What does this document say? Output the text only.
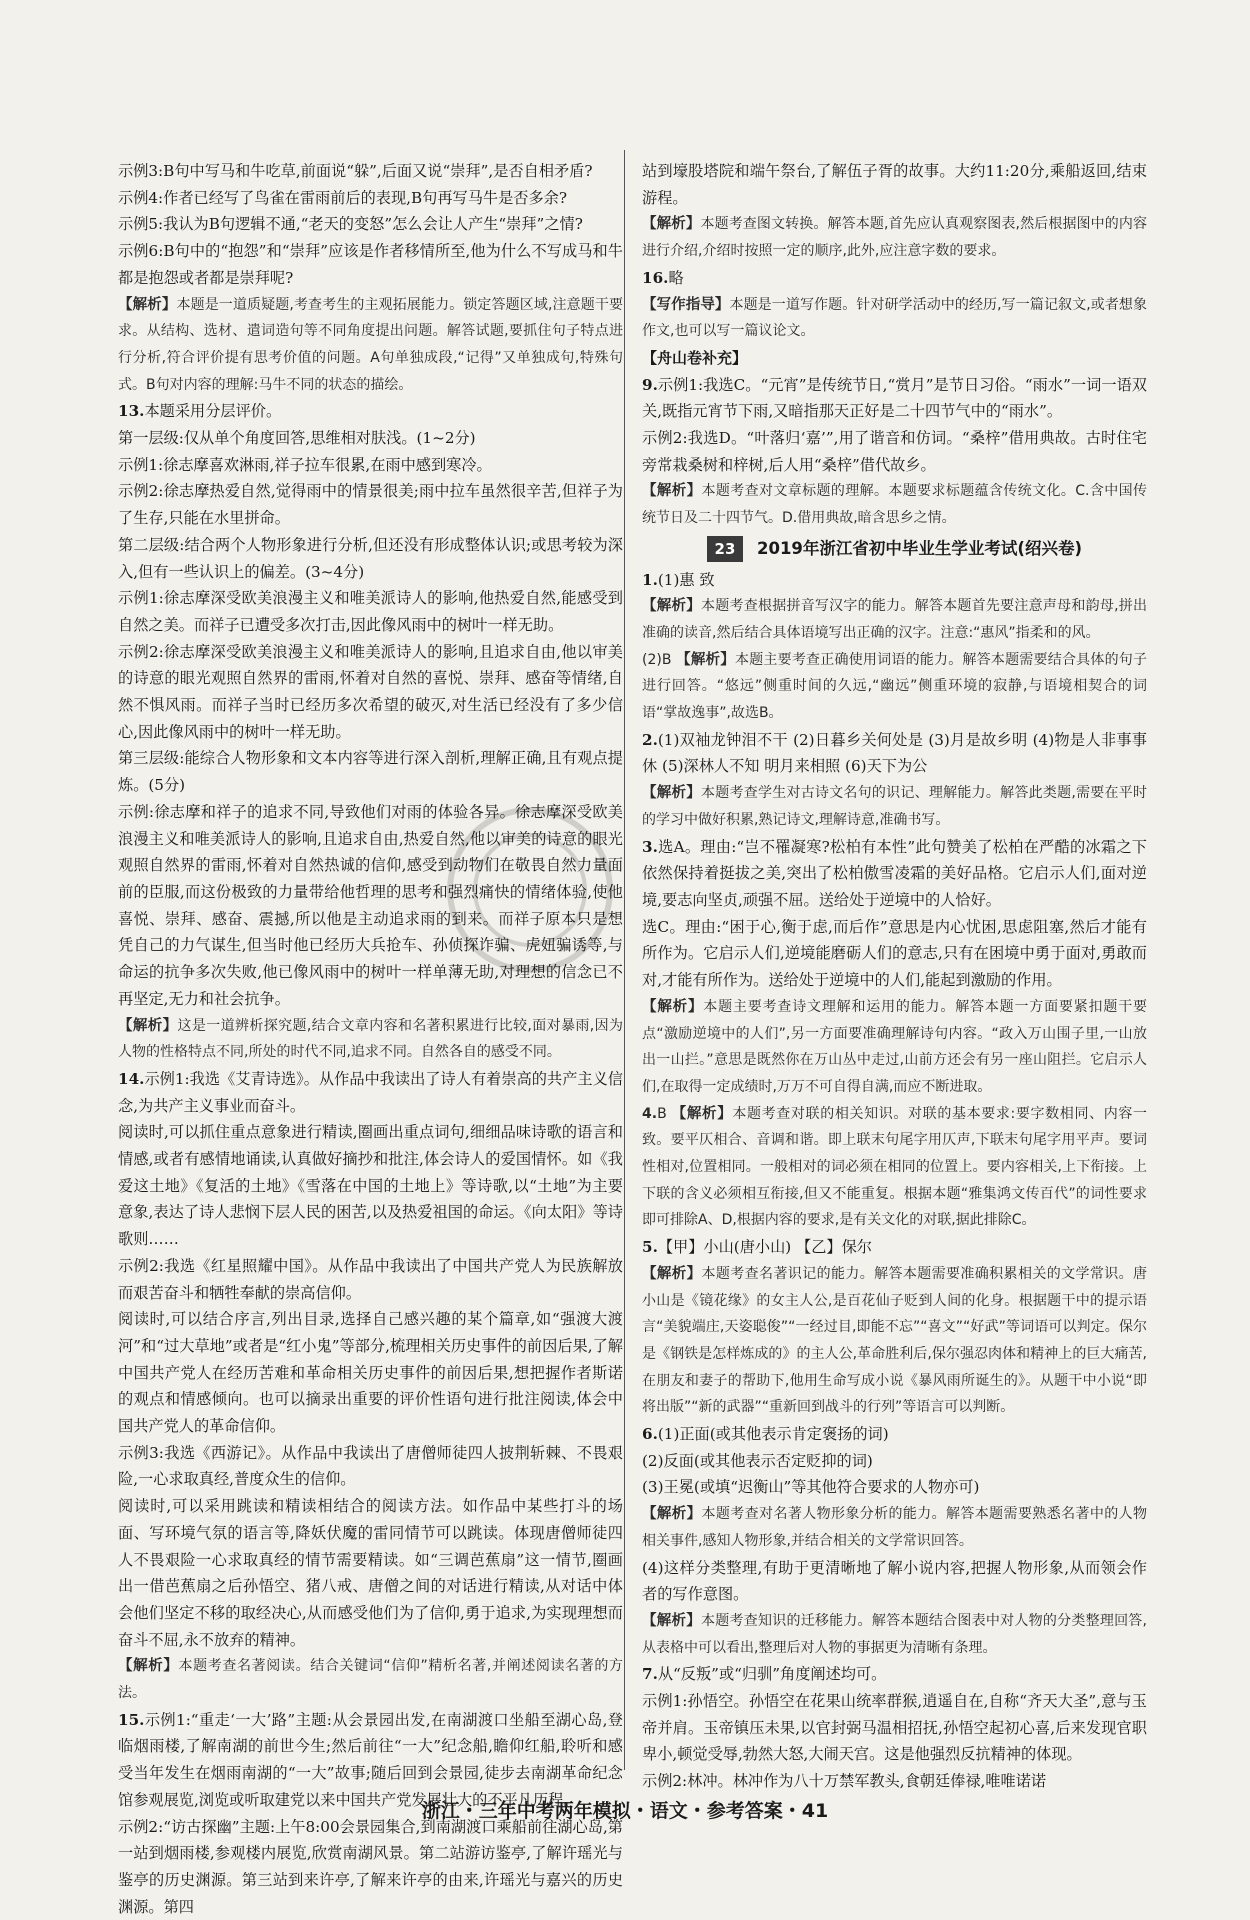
示例3:B句中写马和牛吃草,前面说“躲”,后面又说“崇拜”,是否自相矛盾?

示例4:作者已经写了鸟雀在雷雨前后的表现,B句再写马牛是否多余?

示例5:我认为B句逻辑不通,“老天的变怒”怎么会让人产生“崇拜”之情?

示例6:B句中的“抱怨”和“崇拜”应该是作者移情所至,他为什么不写成马和牛都是抱怨或者都是崇拜呢?

【解析】本题是一道质疑题,考查考生的主观拓展能力。锁定答题区域,注意题干要求。从结构、选材、遣词造句等不同角度提出问题。解答试题,要抓住句子特点进行分析,符合评价提有思考价值的问题。A句单独成段,“记得”又单独成句,特殊句式。B句对内容的理解:马牛不同的状态的描绘。

13.本题采用分层评价。

第一层级:仅从单个角度回答,思维相对肤浅。(1~2分)

示例1:徐志摩喜欢淋雨,祥子拉车很累,在雨中感到寒冷。

示例2:徐志摩热爱自然,觉得雨中的情景很美;雨中拉车虽然很辛苦,但祥子为了生存,只能在水里拼命。

第二层级:结合两个人物形象进行分析,但还没有形成整体认识;或思考较为深入,但有一些认识上的偏差。(3~4分)

示例1:徐志摩深受欧美浪漫主义和唯美派诗人的影响,他热爱自然,能感受到自然之美。而祥子已遭受多次打击,因此像风雨中的树叶一样无助。

示例2:徐志摩深受欧美浪漫主义和唯美派诗人的影响,且追求自由,他以审美的诗意的眼光观照自然界的雷雨,怀着对自然的喜悦、崇拜、感奋等情绪,自然不惧风雨。而祥子当时已经历多次希望的破灭,对生活已经没有了多少信心,因此像风雨中的树叶一样无助。

第三层级:能综合人物形象和文本内容等进行深入剖析,理解正确,且有观点提炼。(5分)

示例:徐志摩和祥子的追求不同,导致他们对雨的体验各异。徐志摩深受欧美浪漫主义和唯美派诗人的影响,且追求自由,热爱自然,他以审美的诗意的眼光观照自然界的雷雨,怀着对自然热诚的信仰,感受到动物们在敬畏自然力量面前的臣服,而这份极致的力量带给他哲理的思考和强烈痛快的情绪体验,使他喜悦、崇拜、感奋、震撼,所以他是主动追求雨的到来。而祥子原本只是想凭自己的力气谋生,但当时他已经历大兵抢车、孙侦探诈骗、虎妞骗诱等,与命运的抗争多次失败,他已像风雨中的树叶一样单薄无助,对理想的信念已不再坚定,无力和社会抗争。

【解析】这是一道辨析探究题,结合文章内容和名著积累进行比较,面对暴雨,因为人物的性格特点不同,所处的时代不同,追求不同。自然各自的感受不同。

14.示例1:我选《艾青诗选》。从作品中我读出了诗人有着崇高的共产主义信念,为共产主义事业而奋斗。

阅读时,可以抓住重点意象进行精读,圈画出重点词句,细细品味诗歌的语言和情感,或者有感情地诵读,认真做好摘抄和批注,体会诗人的爱国情怀。如《我爱这土地》《复活的土地》《雪落在中国的土地上》等诗歌,以“土地”为主要意象,表达了诗人悲悯下层人民的困苦,以及热爱祖国的命运。《向太阳》等诗歌则……

示例2:我选《红星照耀中国》。从作品中我读出了中国共产党人为民族解放而艰苦奋斗和牺牲奉献的崇高信仰。

阅读时,可以结合序言,列出目录,选择自己感兴趣的某个篇章,如“强渡大渡河”和“过大草地”或者是“红小鬼”等部分,梳理相关历史事件的前因后果,了解中国共产党人在经历苦难和革命相关历史事件的前因后果,想把握作者斯诺的观点和情感倾向。也可以摘录出重要的评价性语句进行批注阅读,体会中国共产党人的革命信仰。

示例3:我选《西游记》。从作品中我读出了唐僧师徒四人披荆斩棘、不畏艰险,一心求取真经,普度众生的信仰。

阅读时,可以采用跳读和精读相结合的阅读方法。如作品中某些打斗的场面、写环境气氛的语言等,降妖伏魔的雷同情节可以跳读。体现唐僧师徒四人不畏艰险一心求取真经的情节需要精读。如“三调芭蕉扇”这一情节,圈画出一借芭蕉扇之后孙悟空、猪八戒、唐僧之间的对话进行精读,从对话中体会他们坚定不移的取经决心,从而感受他们为了信仰,勇于追求,为实现理想而奋斗不屈,永不放弃的精神。

【解析】本题考查名著阅读。结合关键词“信仰”精析名著,并阐述阅读名著的方法。

15.示例1:“重走‘一大’路”主题:从会景园出发,在南湖渡口坐船至湖心岛,登临烟雨楼,了解南湖的前世今生;然后前往“一大”纪念船,瞻仰红船,聆听和感受当年发生在烟雨南湖的“一大”故事;随后回到会景园,徒步去南湖革命纪念馆参观展览,浏览或听取建党以来中国共产党发展壮大的不平凡历程。

示例2:“访古探幽”主题:上午8:00会景园集合,到南湖渡口乘船前往湖心岛,第一站到烟雨楼,参观楼内展览,欣赏南湖风景。第二站游访鉴亭,了解许瑶光与鉴亭的历史渊源。第三站到来许亭,了解来许亭的由来,许瑶光与嘉兴的历史渊源。第四

站到壕股塔院和端午祭台,了解伍子胥的故事。大约11:20分,乘船返回,结束游程。

【解析】本题考查图文转换。解答本题,首先应认真观察图表,然后根据图中的内容进行介绍,介绍时按照一定的顺序,此外,应注意字数的要求。

16.略

【写作指导】本题是一道写作题。针对研学活动中的经历,写一篇记叙文,或者想象作文,也可以写一篇议论文。

【舟山卷补充】

9.示例1:我选C。“元宵”是传统节日,“赏月”是节日习俗。“雨水”一词一语双关,既指元宵节下雨,又暗指那天正好是二十四节气中的“雨水”。

示例2:我选D。“叶落归‘嘉’”,用了谐音和仿词。“桑梓”借用典故。古时住宅旁常栽桑树和梓树,后人用“桑梓”借代故乡。

【解析】本题考查对文章标题的理解。本题要求标题蕴含传统文化。C.含中国传统节日及二十四节气。D.借用典故,暗含思乡之情。

23	2019年浙江省初中毕业生学业考试(绍兴卷)

1.(1)惠 致

【解析】本题考查根据拼音写汉字的能力。解答本题首先要注意声母和韵母,拼出准确的读音,然后结合具体语境写出正确的汉字。注意:“惠风”指柔和的风。

(2)B 【解析】本题主要考查正确使用词语的能力。解答本题需要结合具体的句子进行回答。“悠远”侧重时间的久远,“幽远”侧重环境的寂静,与语境相契合的词语“掌故逸事”,故选B。

2.(1)双袖龙钟泪不干 (2)日暮乡关何处是 (3)月是故乡明 (4)物是人非事事休 (5)深林人不知 明月来相照 (6)天下为公

【解析】本题考查学生对古诗文名句的识记、理解能力。解答此类题,需要在平时的学习中做好积累,熟记诗文,理解诗意,准确书写。

3.选A。理由:“岂不罹凝寒?松柏有本性”此句赞美了松柏在严酷的冰霜之下依然保持着挺拔之美,突出了松柏傲雪凌霜的美好品格。它启示人们,面对逆境,要志向坚贞,顽强不屈。送给处于逆境中的人恰好。

选C。理由:“困于心,衡于虑,而后作”意思是内心忧困,思虑阻塞,然后才能有所作为。它启示人们,逆境能磨砺人们的意志,只有在困境中勇于面对,勇敢而对,才能有所作为。送给处于逆境中的人们,能起到激励的作用。

【解析】本题主要考查诗文理解和运用的能力。解答本题一方面要紧扣题干要点“激励逆境中的人们”,另一方面要准确理解诗句内容。“政入万山围子里,一山放出一山拦。”意思是既然你在万山丛中走过,山前方还会有另一座山阻拦。它启示人们,在取得一定成绩时,万万不可自得自满,而应不断进取。

4.B 【解析】本题考查对联的相关知识。对联的基本要求:要字数相同、内容一致。要平仄相合、音调和谐。即上联末句尾字用仄声,下联末句尾字用平声。要词性相对,位置相同。一般相对的词必须在相同的位置上。要内容相关,上下衔接。上下联的含义必须相互衔接,但又不能重复。根据本题“雅集鸿文传百代”的词性要求即可排除A、D,根据内容的要求,是有关文化的对联,据此排除C。

5.【甲】小山(唐小山) 【乙】保尔

【解析】本题考查名著识记的能力。解答本题需要准确积累相关的文学常识。唐小山是《镜花缘》的女主人公,是百花仙子贬到人间的化身。根据题干中的提示语言“美貌端庄,天姿聪俊”“一经过目,即能不忘”“喜文”“好武”等词语可以判定。保尔是《钢铁是怎样炼成的》的主人公,革命胜利后,保尔强忍肉体和精神上的巨大痛苦,在朋友和妻子的帮助下,他用生命写成小说《暴风雨所诞生的》。从题干中小说“即将出版”“新的武器”“重新回到战斗的行列”等语言可以判断。

6.(1)正面(或其他表示肯定褒扬的词)

(2)反面(或其他表示否定贬抑的词)

(3)王冕(或填“迟衡山”等其他符合要求的人物亦可)

【解析】本题考查对名著人物形象分析的能力。解答本题需要熟悉名著中的人物相关事件,感知人物形象,并结合相关的文学常识回答。

(4)这样分类整理,有助于更清晰地了解小说内容,把握人物形象,从而领会作者的写作意图。

【解析】本题考查知识的迁移能力。解答本题结合图表中对人物的分类整理回答,从表格中可以看出,整理后对人物的事据更为清晰有条理。

7.从“反叛”或“归驯”角度阐述均可。

示例1:孙悟空。孙悟空在花果山统率群猴,逍遥自在,自称“齐天大圣”,意与玉帝并肩。玉帝镇压未果,以官封弼马温相招抚,孙悟空起初心喜,后来发现官职卑小,顿觉受辱,勃然大怒,大闹天宫。这是他强烈反抗精神的体现。

示例2:林冲。林冲作为八十万禁军教头,食朝廷俸禄,唯唯诺诺

浙江・三年中考两年模拟・语文・参考答案・41
